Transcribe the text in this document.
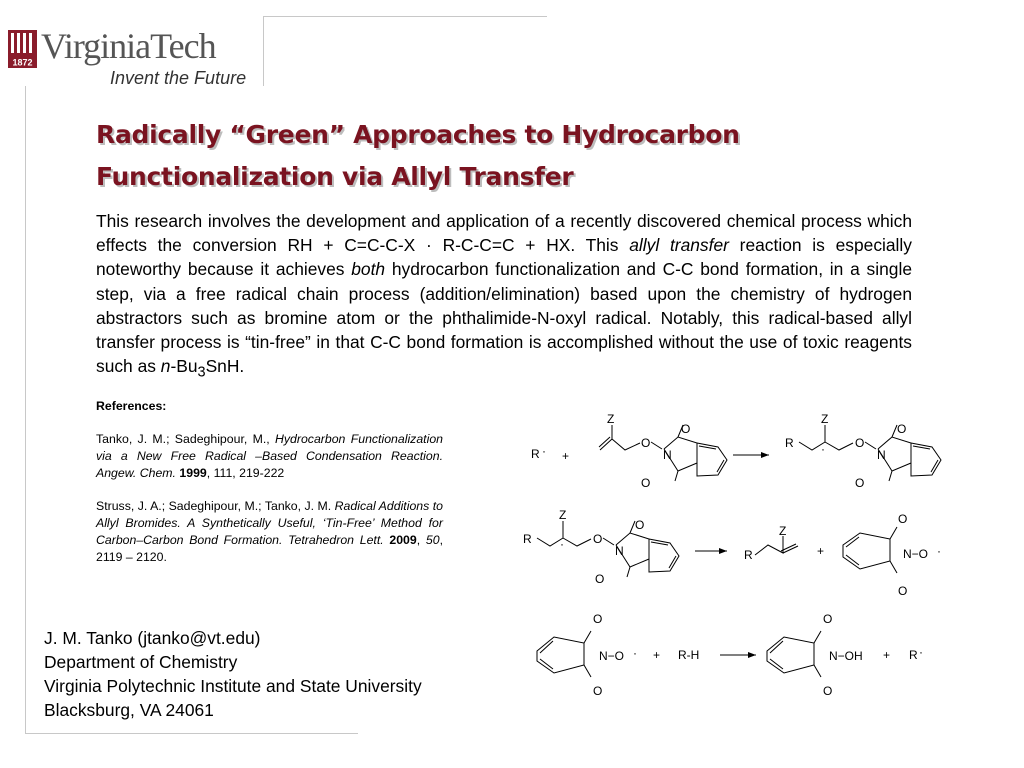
1872 VirginiaTech
Invent the Future
Radically “Green” Approaches to Hydrocarbon
Functionalization via Allyl Transfer

This research involves the development and application of a recently discovered chemical process which effects the conversion RH + C=C-C-X · R-C-C=C + HX. This allyl transfer reaction is especially noteworthy because it achieves both hydrocarbon functionalization and C-C bond formation, in a single step, via a free radical chain process (addition/elimination) based upon the chemistry of hydrogen abstractors such as bromine atom or the phthalimide-N-oxyl radical. Notably, this radical-based allyl transfer process is “tin-free” in that C-C bond formation is accomplished without the use of toxic reagents such as $n-Bu_3SnH$.

References:

Tanko, J. M.; Sadeghipour, M., Hydrocarbon Functionalization via a New Free Radical –Based Condensation Reaction. Angew. Chem. 1999, 111, 219-222

Struss, J. A.; Sadeghipour, M.; Tanko, J. M. Radical Additions to Allyl Bromides. A Synthetically Useful, ‘Tin-Free’ Method for Carbon–Carbon Bond Formation. Tetrahedron Lett. 2009, 50, 2119 – 2120.

J. M. Tanko (jtanko@vt.edu)
Department of Chemistry
Virginia Polytechnic Institute and State University
Blacksburg, VA 24061
R · +
Z
O
N
O
O
R
Z
·	O
N
O
O
R
Z
· O
N
O
O
R
Z
+
O
N−O ·
O
O
N−O ·
O
+ R-H
O
N−OH
O
+ R ·
